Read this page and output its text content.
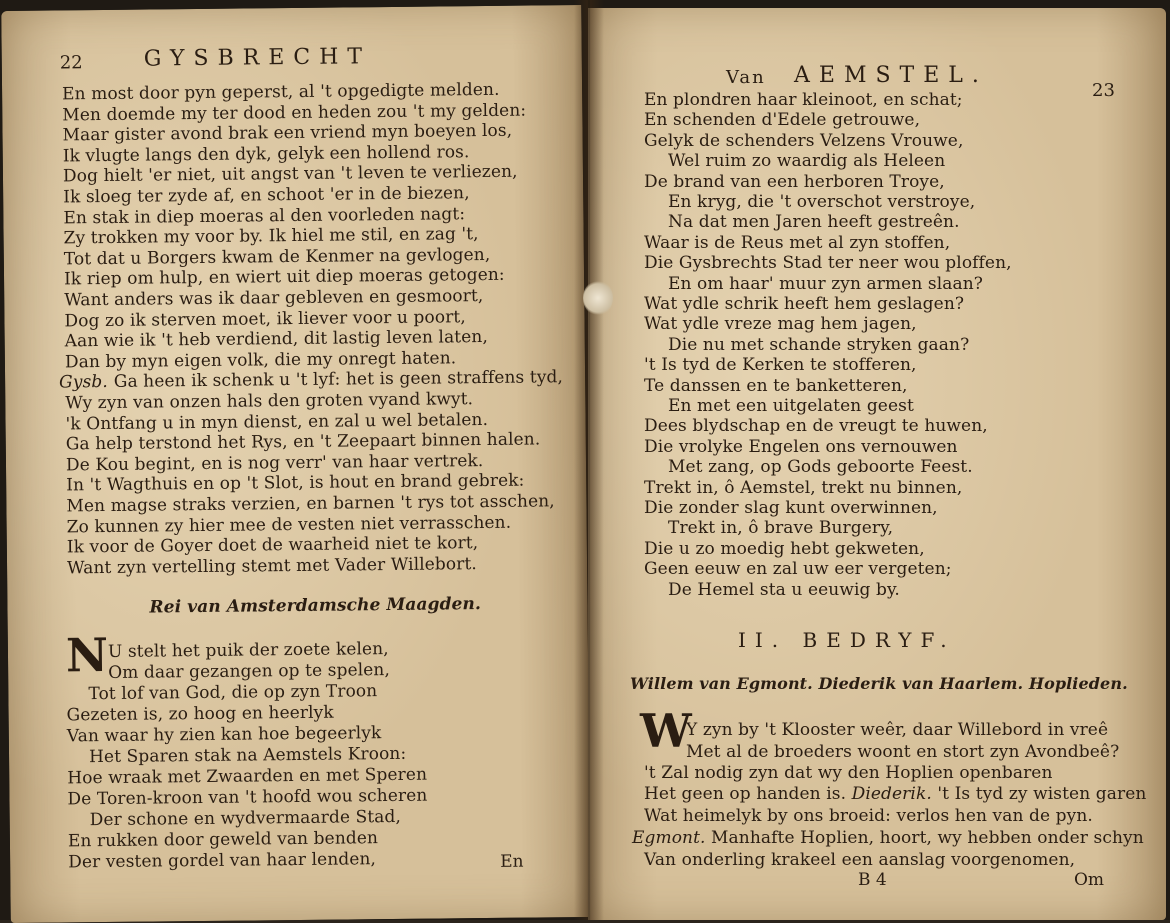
22	GYSBRECHT
En most door pyn geperst, al 't opgedigte melden.
Men doemde my ter dood en heden zou 't my gelden:
Maar gister avond brak een vriend myn boeyen los,
Ik vlugte langs den dyk, gelyk een hollend ros.
Dog hielt 'er niet, uit angst van 't leven te verliezen,
Ik sloeg ter zyde af, en schoot 'er in de biezen,
En stak in diep moeras al den voorleden nagt:
Zy trokken my voor by. Ik hiel me stil, en zag 't,
Tot dat u Borgers kwam de Kenmer na gevlogen,
Ik riep om hulp, en wiert uit diep moeras getogen:
Want anders was ik daar gebleven en gesmoort,
Dog zo ik sterven moet, ik liever voor u poort,
Aan wie ik 't heb verdiend, dit lastig leven laten,
Dan by myn eigen volk, die my onregt haten.
Gysb. Ga heen ik schenk u 't lyf: het is geen straffens tyd,
Wy zyn van onzen hals den groten vyand kwyt.
'k Ontfang u in myn dienst, en zal u wel betalen.
Ga help terstond het Rys, en 't Zeepaart binnen halen.
De Kou begint, en is nog verr' van haar vertrek.
In 't Wagthuis en op 't Slot, is hout en brand gebrek:
Men magse straks verzien, en barnen 't rys tot asschen,
Zo kunnen zy hier mee de vesten niet verrasschen.
Ik voor de Goyer doet de waarheid niet te kort,
Want zyn vertelling stemt met Vader Willebort.
Rei van Amsterdamsche Maagden.
N U stelt het puik der zoete kelen,
Om daar gezangen op te spelen,
Tot lof van God, die op zyn Troon
Gezeten is, zo hoog en heerlyk
Van waar hy zien kan hoe begeerlyk
Het Sparen stak na Aemstels Kroon:
Hoe wraak met Zwaarden en met Speren
De Toren-kroon van 't hoofd wou scheren
Der schone en wydvermaarde Stad,
En rukken door geweld van benden
Der vesten gordel van haar lenden,	En
Van AEMSTEL.
23
En plondren haar kleinoot, en schat;
En schenden d'Edele getrouwe,
Gelyk de schenders Velzens Vrouwe,
Wel ruim zo waardig als Heleen
De brand van een herboren Troye,
En kryg, die 't overschot verstroye,
Na dat men Jaren heeft gestreên.
Waar is de Reus met al zyn stoffen,
Die Gysbrechts Stad ter neer wou ploffen,
En om haar' muur zyn armen slaan?
Wat ydle schrik heeft hem geslagen?
Wat ydle vreze mag hem jagen,
Die nu met schande stryken gaan?
't Is tyd de Kerken te stofferen,
Te danssen en te banketteren,
En met een uitgelaten geest
Dees blydschap en de vreugt te huwen,
Die vrolyke Engelen ons vernouwen
Met zang, op Gods geboorte Feest.
Trekt in, ô Aemstel, trekt nu binnen,
Die zonder slag kunt overwinnen,
Trekt in, ô brave Burgery,
Die u zo moedig hebt gekweten,
Geen eeuw en zal uw eer vergeten;
De Hemel sta u eeuwig by.
II. BEDRYF.
Willem van Egmont. Diederik van Haarlem. Hoplieden.
W
Y zyn by 't Klooster weêr, daar Willebord in vreê
Met al de broeders woont en stort zyn Avondbeê?
't Zal nodig zyn dat wy den Hoplien openbaren
Het geen op handen is. Diederik. 't Is tyd zy wisten garen
Wat heimelyk by ons broeid: verlos hen van de pyn.
Egmont. Manhafte Hoplien, hoort, wy hebben onder schyn
Van onderling krakeel een aanslag voorgenomen,
B 4	Om
